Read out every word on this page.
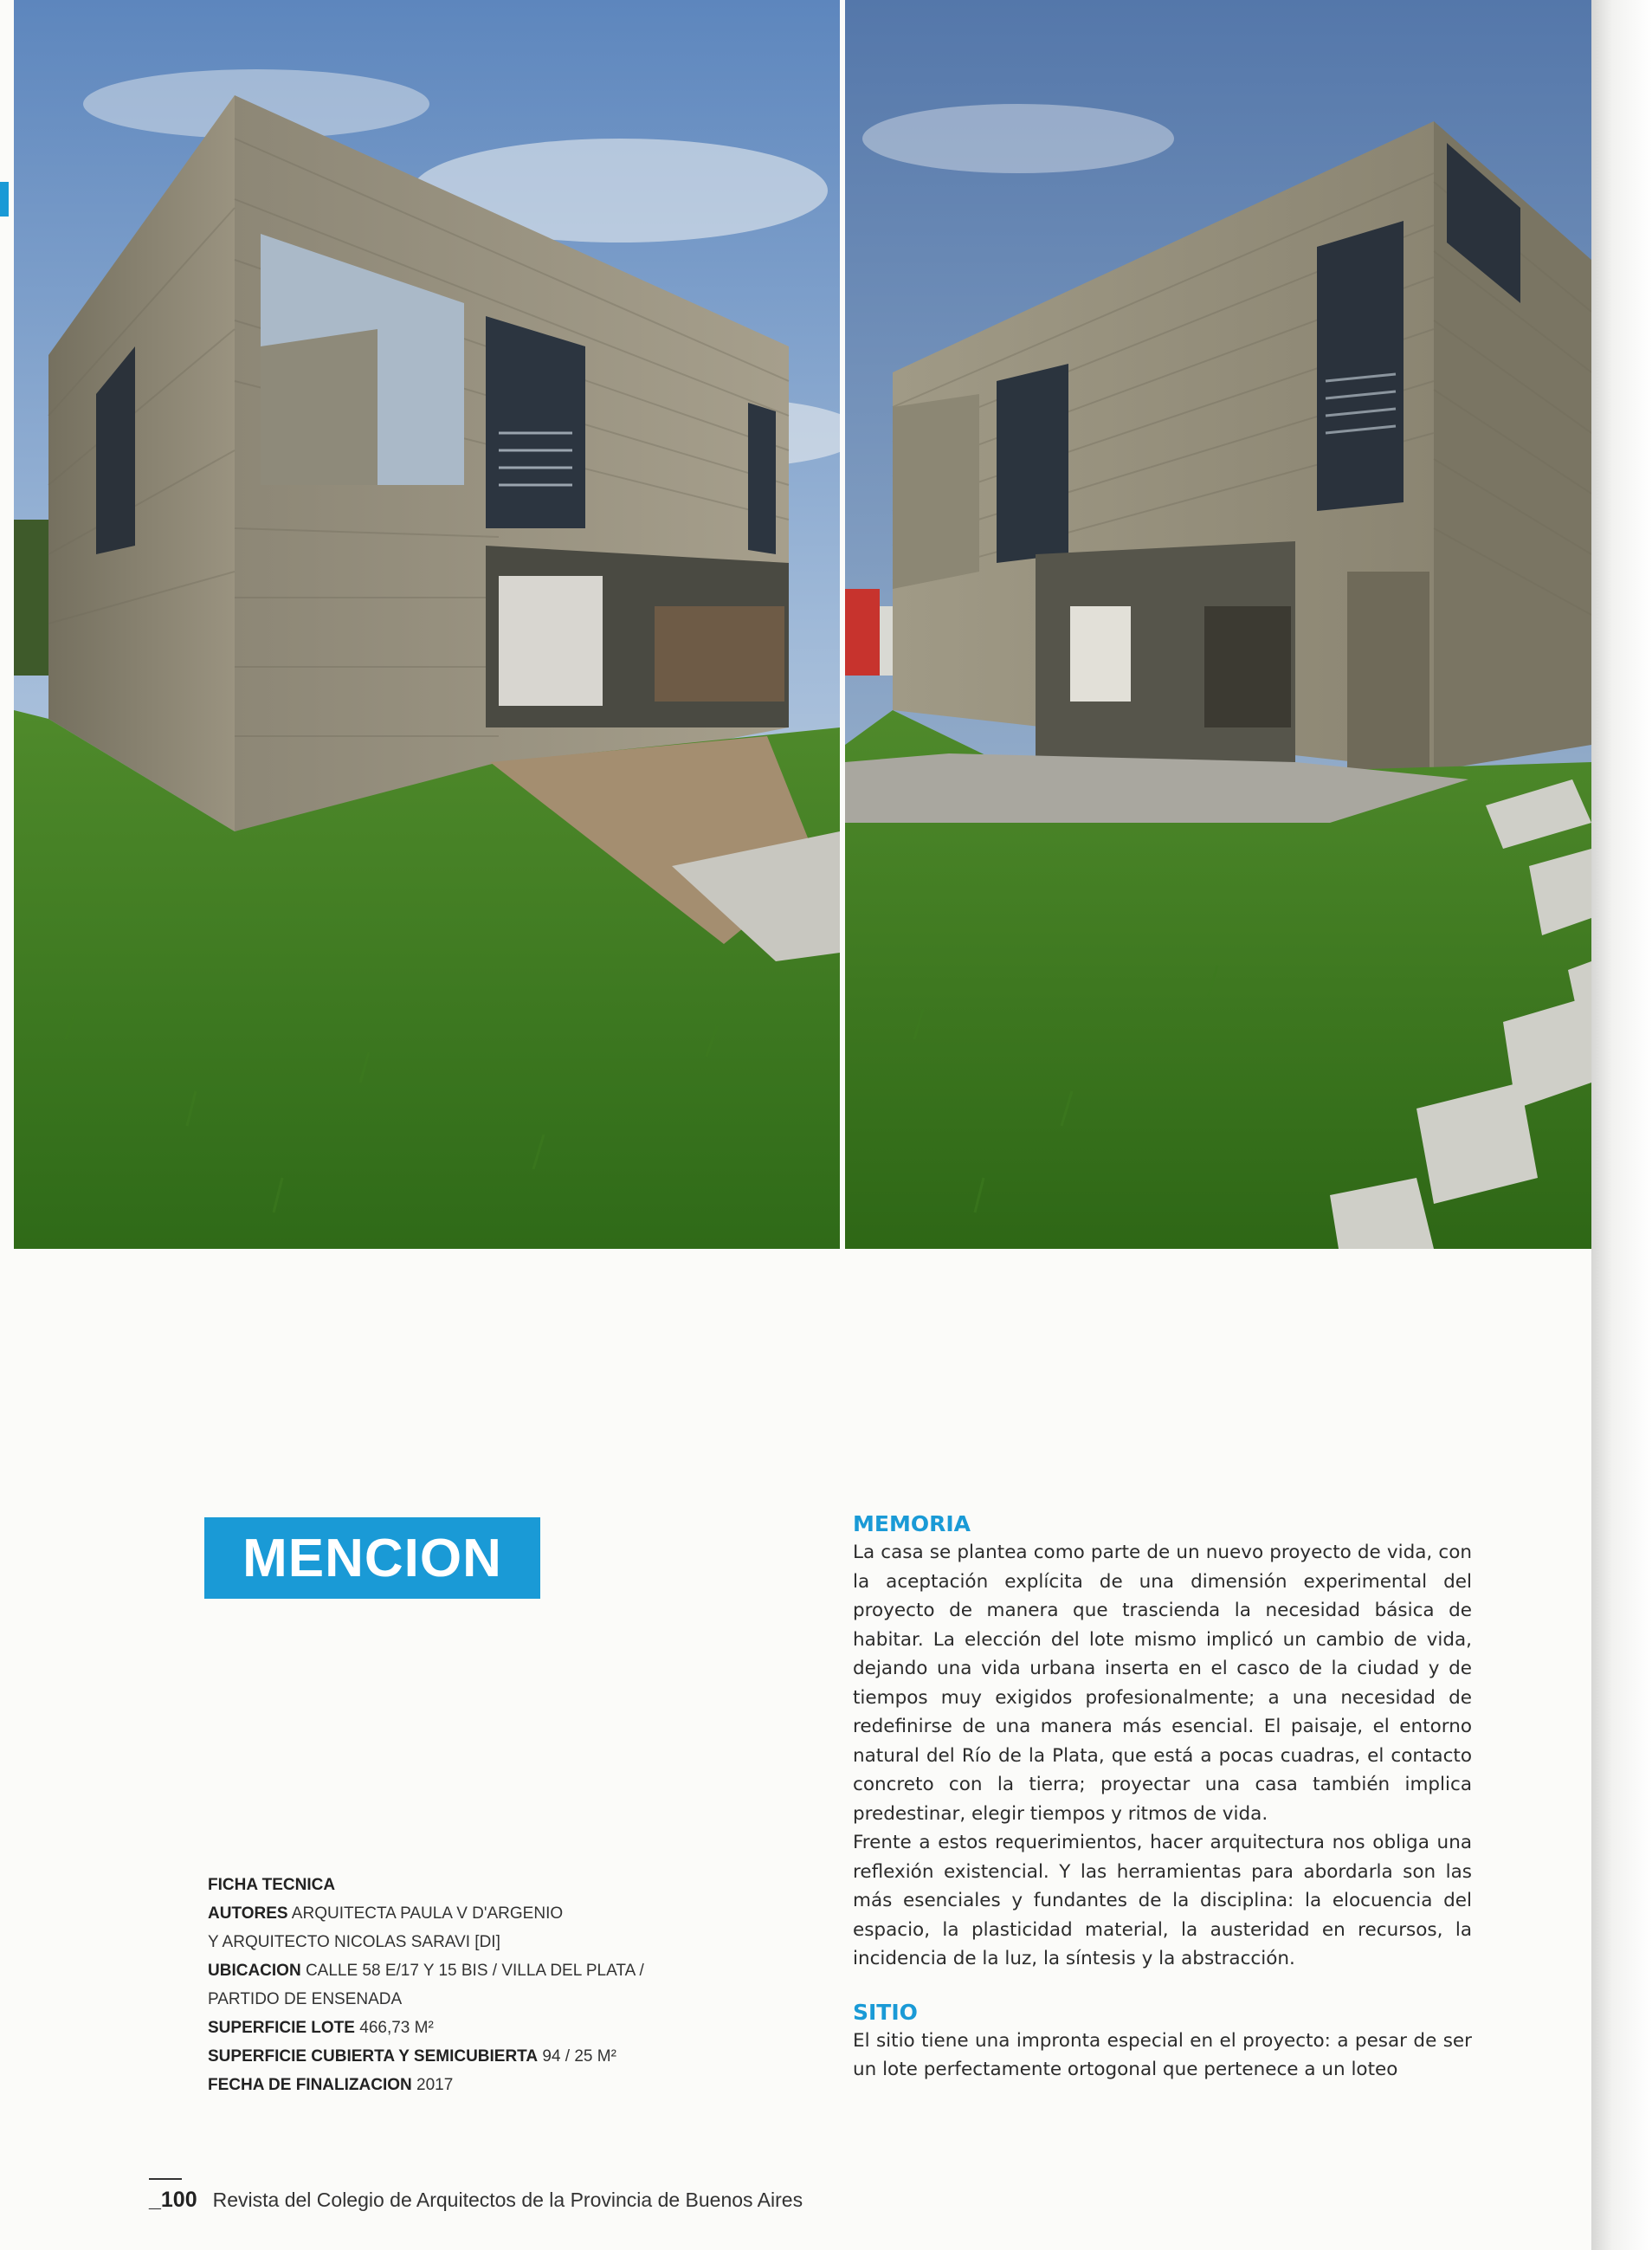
MENCION
FICHA TECNICA
AUTORES ARQUITECTA PAULA V D'ARGENIO
Y ARQUITECTO NICOLAS SARAVI [DI]
UBICACION CALLE 58 E/17 Y 15 BIS / VILLA DEL PLATA /
PARTIDO DE ENSENADA
SUPERFICIE LOTE 466,73 M²
SUPERFICIE CUBIERTA Y SEMICUBIERTA 94 / 25 M²
FECHA DE FINALIZACION 2017
MEMORIA

La casa se plantea como parte de un nuevo proyecto de vida, con la aceptación explícita de una dimensión experimental del proyecto de manera que trascienda la necesidad básica de habitar. La elección del lote mismo implicó un cambio de vida, dejando una vida urbana inserta en el casco de la ciudad y de tiempos muy exigidos profesionalmente; a una necesidad de redefinirse de una manera más esencial. El paisaje, el entorno natural del Río de la Plata, que está a pocas cuadras, el contacto concreto con la tierra; proyectar una casa también implica predestinar, elegir tiempos y ritmos de vida.

Frente a estos requerimientos, hacer arquitectura nos obliga una reflexión existencial. Y las herramientas para abordarla son las más esenciales y fundantes de la disciplina: la elocuencia del espacio, la plasticidad material, la austeridad en recursos, la incidencia de la luz, la síntesis y la abstracción.

SITIO

El sitio tiene una impronta especial en el proyecto: a pesar de ser un lote perfectamente ortogonal que pertenece a un loteo

_100 Revista del Colegio de Arquitectos de la Provincia de Buenos Aires
